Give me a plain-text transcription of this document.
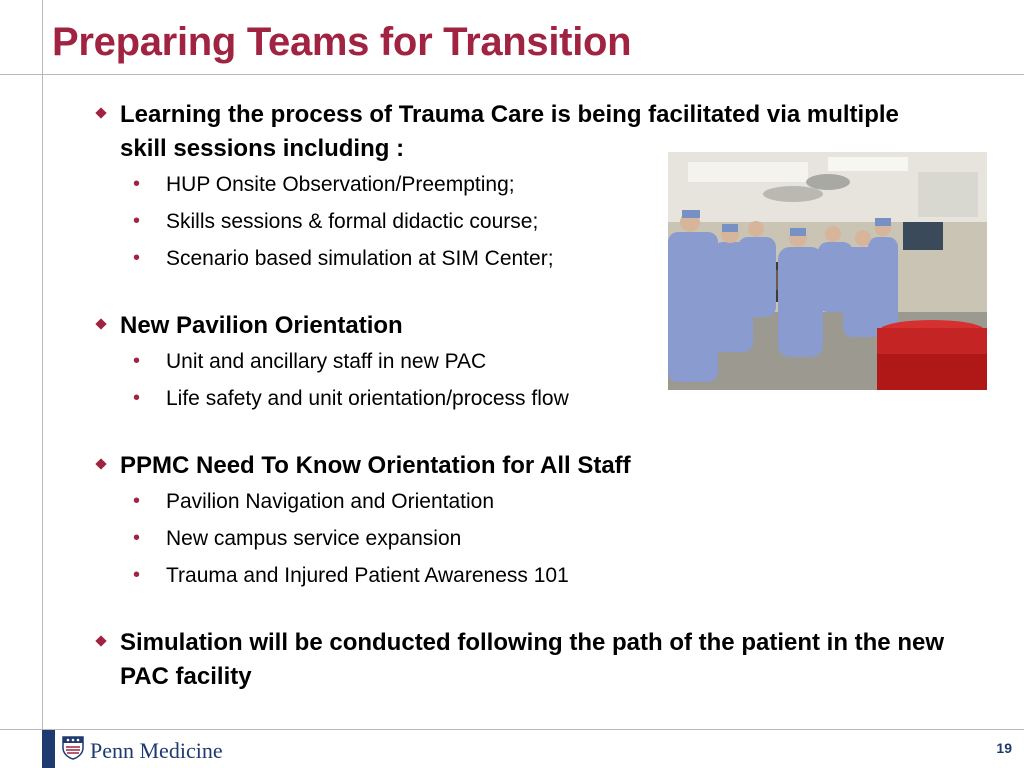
Preparing Teams for Transition
Learning the process of Trauma Care is being facilitated via multiple skill sessions including :
• HUP Onsite Observation/Preempting;
• Skills sessions & formal didactic course;
• Scenario based simulation at SIM Center;
New Pavilion Orientation
• Unit and ancillary staff in new PAC
• Life safety and unit orientation/process flow
PPMC Need To Know Orientation for All Staff
• Pavilion Navigation and Orientation
• New campus service expansion
• Trauma and Injured Patient Awareness 101
Simulation will be conducted following the path of the patient in the new PAC facility
Penn Medicine	19
